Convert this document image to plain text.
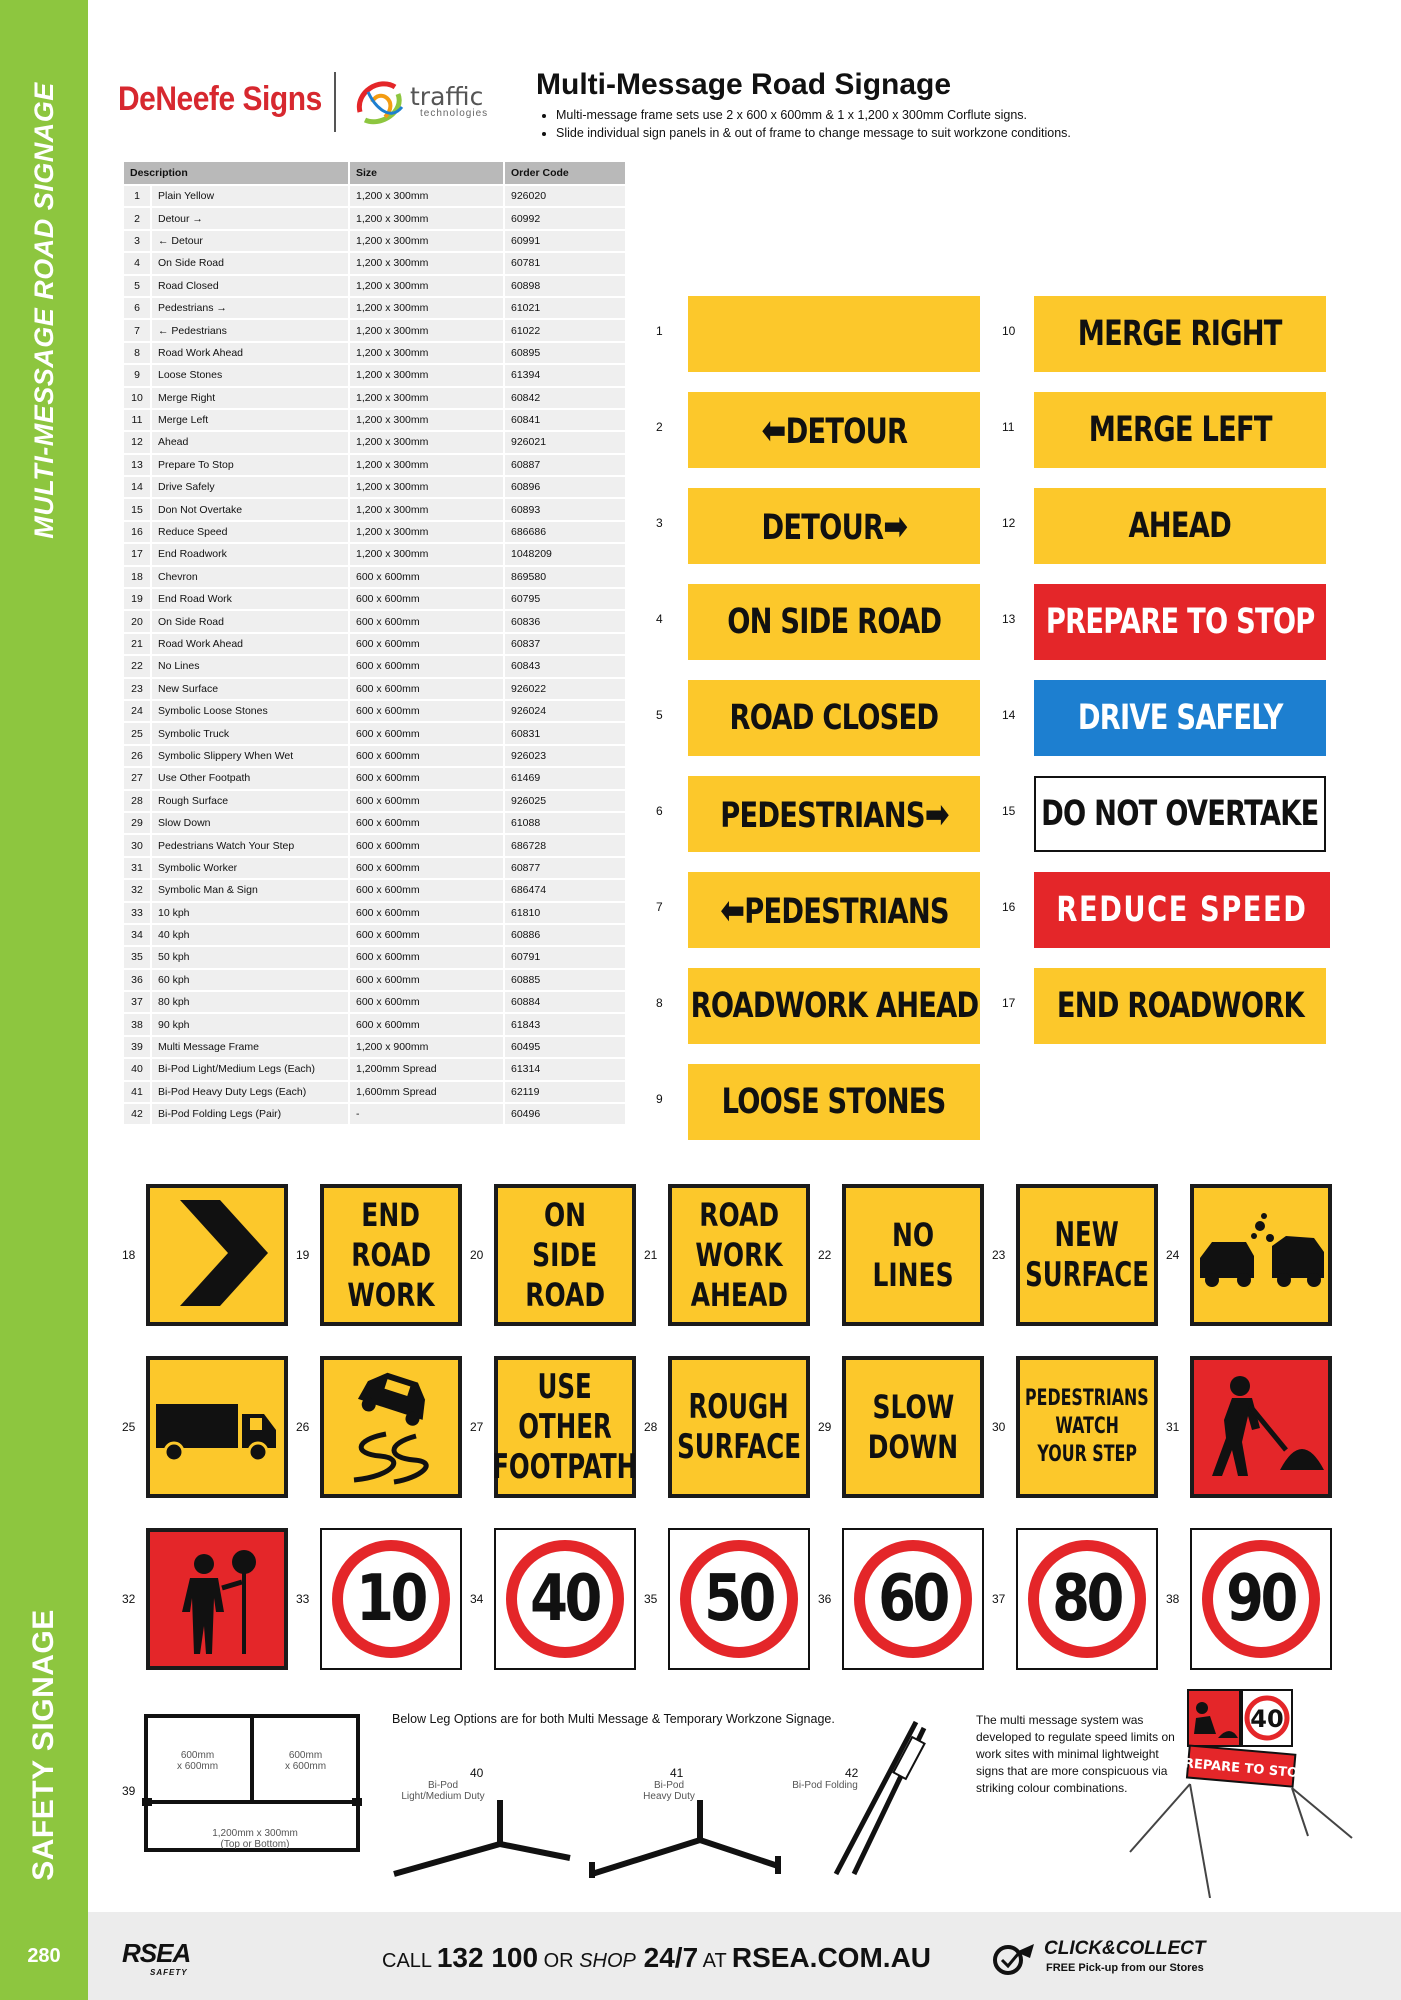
MULTI-MESSAGE ROAD SIGNAGE
SAFETY SIGNAGE
DeNeefe Signs	traffic
technologies
Multi-Message Road Signage
• Multi-message frame sets use 2 x 600 x 600mm & 1 x 1,200 x 300mm Corflute signs.
• Slide individual sign panels in & out of frame to change message to suit workzone conditions.
Description		Size	Order Code
1	Plain Yellow	1,200 x 300mm	926020
2	Detour →	1,200 x 300mm	60992
3	← Detour	1,200 x 300mm	60991
4	On Side Road	1,200 x 300mm	60781
5	Road Closed	1,200 x 300mm	60898
6	Pedestrians →	1,200 x 300mm	61021
7	← Pedestrians	1,200 x 300mm	61022
8	Road Work Ahead	1,200 x 300mm	60895
9	Loose Stones	1,200 x 300mm	61394
10	Merge Right	1,200 x 300mm	60842
11	Merge Left	1,200 x 300mm	60841
12	Ahead	1,200 x 300mm	926021
13	Prepare To Stop	1,200 x 300mm	60887
14	Drive Safely	1,200 x 300mm	60896
15	Don Not Overtake	1,200 x 300mm	60893
16	Reduce Speed	1,200 x 300mm	686686
17	End Roadwork	1,200 x 300mm	1048209
18	Chevron	600 x 600mm	869580
19	End Road Work	600 x 600mm	60795
20	On Side Road	600 x 600mm	60836
21	Road Work Ahead	600 x 600mm	60837
22	No Lines	600 x 600mm	60843
23	New Surface	600 x 600mm	926022
24	Symbolic Loose Stones	600 x 600mm	926024
25	Symbolic Truck	600 x 600mm	60831
26	Symbolic Slippery When Wet	600 x 600mm	926023
27	Use Other Footpath	600 x 600mm	61469
28	Rough Surface	600 x 600mm	926025
29	Slow Down	600 x 600mm	61088
30	Pedestrians Watch Your Step	600 x 600mm	686728
31	Symbolic Worker	600 x 600mm	60877
32	Symbolic Man & Sign	600 x 600mm	686474
33	10 kph	600 x 600mm	61810
34	40 kph	600 x 600mm	60886
35	50 kph	600 x 600mm	60791
36	60 kph	600 x 600mm	60885
37	80 kph	600 x 600mm	60884
38	90 kph	600 x 600mm	61843
39	Multi Message Frame	1,200 x 900mm	60495
40	Bi-Pod Light/Medium Legs (Each)	1,200mm Spread	61314
41	Bi-Pod Heavy Duty Legs (Each)	1,600mm Spread	62119
42	Bi-Pod Folding Legs (Pair)	-	60496
1
2	⬅DETOUR
3	DETOUR➡
4 ON SIDE ROAD
5 ROAD CLOSED
6 PEDESTRIANS➡
7 ⬅PEDESTRIANS
8 ROADWORK AHEAD
9 LOOSE STONES
10 MERGE RIGHT
11 MERGE LEFT
12	AHEAD
13 PREPARE TO STOP
14 DRIVE SAFELY
15 DO NOT OVERTAKE
16 REDUCE SPEED
17 END ROADWORK
18	19
END
ROAD
WORK
20
ON
SIDE
ROAD
21
ROAD
WORK
AHEAD
22
NO
LINES
23	NEW
SURFACE	24
25	26	27
USE
OTHER
FOOTPATH
28 ROUGH
SURFACE	29
SLOW
DOWN
30
PEDESTRIANS
WATCH
YOUR STEP
31
32	33 10	34 40	35 50	36 60	37 80	38 90
39
600mm
x 600mm
600mm
x 600mm
1,200mm x 300mm
(Top or Bottom)
Below Leg Options are for both Multi Message & Temporary Workzone Signage.
40
Bi-Pod
Light/Medium Duty
41
Bi-Pod
Heavy Duty
42
Bi-Pod Folding
The multi message system was developed to regulate speed limits on work sites with minimal lightweight signs that are more conspicuous via striking colour combinations.
40
PREPARE TO STOP
280	RSEA
SAFETY
CALL 132 100 OR SHOP 24/7 AT RSEA.COM.AU	CLICK&COLLECT
FREE Pick-up from our Stores
